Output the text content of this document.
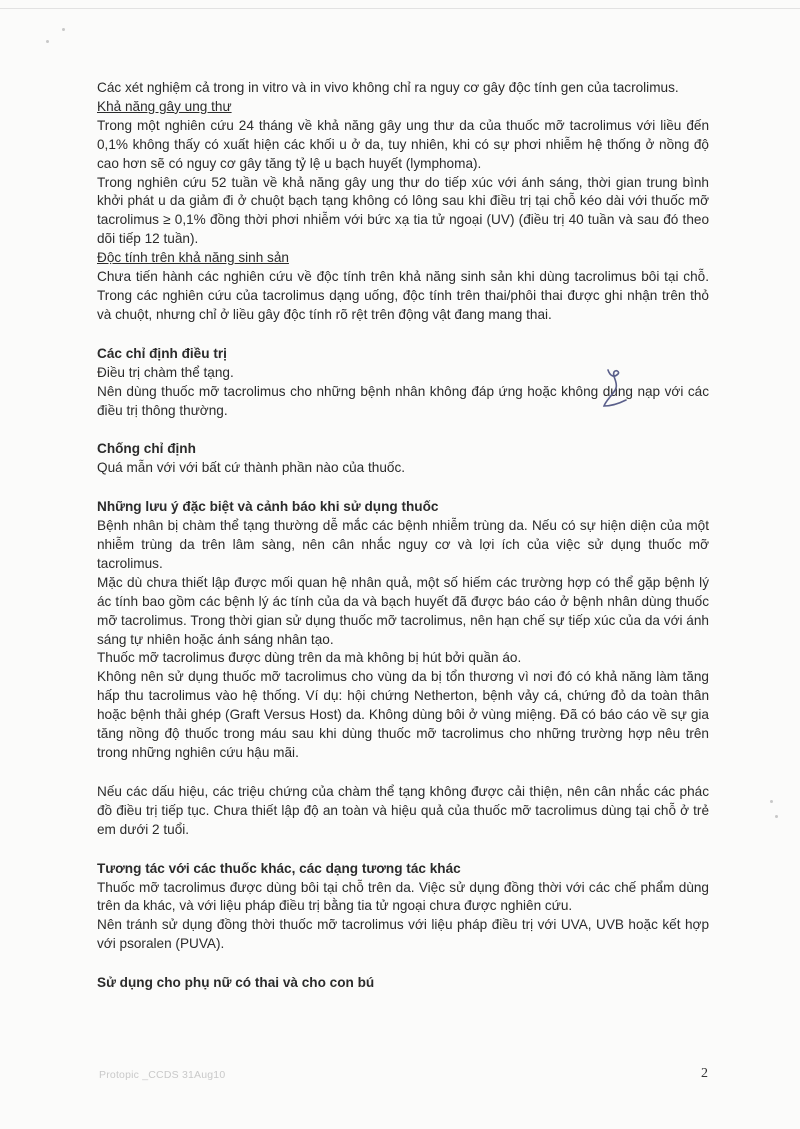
Các xét nghiệm cả trong in vitro và in vivo không chỉ ra nguy cơ gây độc tính gen của tacrolimus.

Khả năng gây ung thư

Trong một nghiên cứu 24 tháng về khả năng gây ung thư da của thuốc mỡ tacrolimus với liều đến 0,1% không thấy có xuất hiện các khối u ở da, tuy nhiên, khi có sự phơi nhiễm hệ thống ở nồng độ cao hơn sẽ có nguy cơ gây tăng tỷ lệ u bạch huyết (lymphoma).

Trong nghiên cứu 52 tuần về khả năng gây ung thư do tiếp xúc với ánh sáng, thời gian trung bình khởi phát u da giảm đi ở chuột bạch tạng không có lông sau khi điều trị tại chỗ kéo dài với thuốc mỡ tacrolimus ≥ 0,1% đồng thời phơi nhiễm với bức xạ tia tử ngoại (UV) (điều trị 40 tuần và sau đó theo dõi tiếp 12 tuần).

Độc tính trên khả năng sinh sản

Chưa tiến hành các nghiên cứu về độc tính trên khả năng sinh sản khi dùng tacrolimus bôi tại chỗ. Trong các nghiên cứu của tacrolimus dạng uống, độc tính trên thai/phôi thai được ghi nhận trên thỏ và chuột, nhưng chỉ ở liều gây độc tính rõ rệt trên động vật đang mang thai.

Các chỉ định điều trị

Điều trị chàm thể tạng.

Nên dùng thuốc mỡ tacrolimus cho những bệnh nhân không đáp ứng hoặc không dung nạp với các điều trị thông thường.

Chống chỉ định

Quá mẫn với với bất cứ thành phần nào của thuốc.

Những lưu ý đặc biệt và cảnh báo khi sử dụng thuốc

Bệnh nhân bị chàm thể tạng thường dễ mắc các bệnh nhiễm trùng da. Nếu có sự hiện diện của một nhiễm trùng da trên lâm sàng, nên cân nhắc nguy cơ và lợi ích của việc sử dụng thuốc mỡ tacrolimus.

Mặc dù chưa thiết lập được mối quan hệ nhân quả, một số hiếm các trường hợp có thể gặp bệnh lý ác tính bao gồm các bệnh lý ác tính của da và bạch huyết đã được báo cáo ở bệnh nhân dùng thuốc mỡ tacrolimus. Trong thời gian sử dụng thuốc mỡ tacrolimus, nên hạn chế sự tiếp xúc của da với ánh sáng tự nhiên hoặc ánh sáng nhân tạo.

Thuốc mỡ tacrolimus được dùng trên da mà không bị hút bởi quần áo.

Không nên sử dụng thuốc mỡ tacrolimus cho vùng da bị tổn thương vì nơi đó có khả năng làm tăng hấp thu tacrolimus vào hệ thống. Ví dụ: hội chứng Netherton, bệnh vảy cá, chứng đỏ da toàn thân hoặc bệnh thải ghép (Graft Versus Host) da. Không dùng bôi ở vùng miệng. Đã có báo cáo về sự gia tăng nồng độ thuốc trong máu sau khi dùng thuốc mỡ tacrolimus cho những trường hợp nêu trên trong những nghiên cứu hậu mãi.

Nếu các dấu hiệu, các triệu chứng của chàm thể tạng không được cải thiện, nên cân nhắc các phác đồ điều trị tiếp tục. Chưa thiết lập độ an toàn và hiệu quả của thuốc mỡ tacrolimus dùng tại chỗ ở trẻ em dưới 2 tuổi.

Tương tác với các thuốc khác, các dạng tương tác khác

Thuốc mỡ tacrolimus được dùng bôi tại chỗ trên da. Việc sử dụng đồng thời với các chế phẩm dùng trên da khác, và với liệu pháp điều trị bằng tia tử ngoại chưa được nghiên cứu.

Nên tránh sử dụng đồng thời thuốc mỡ tacrolimus với liệu pháp điều trị với UVA, UVB hoặc kết hợp với psoralen (PUVA).

Sử dụng cho phụ nữ có thai và cho con bú
Protopic _CCDS 31Aug10	2
